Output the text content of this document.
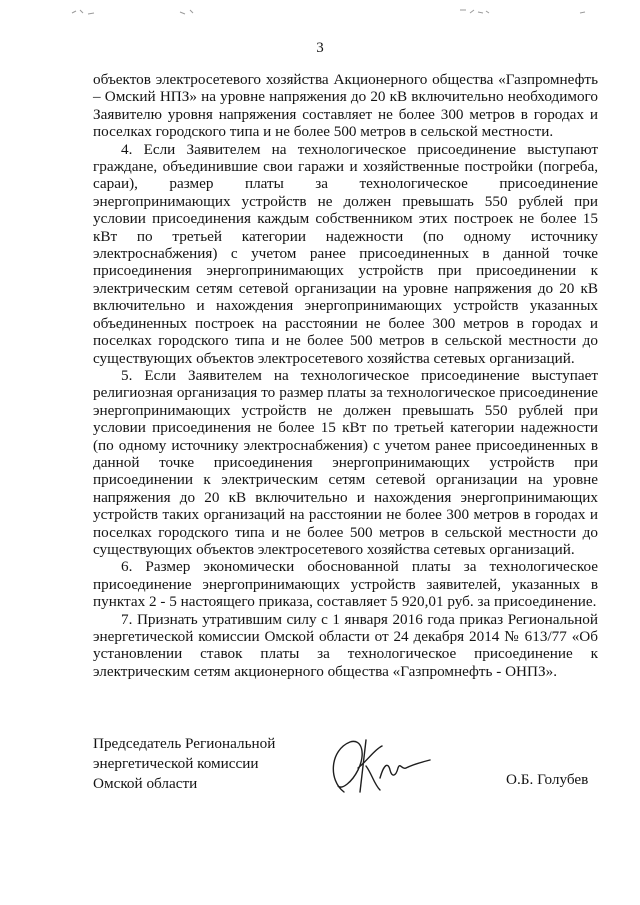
3

объектов электросетевого хозяйства Акционерного общества «Газпромнефть – Омский НПЗ» на уровне напряжения до 20 кВ включительно необходимого Заявителю уровня напряжения составляет не более 300 метров в городах и поселках городского типа и не более 500 метров в сельской местности.

4. Если Заявителем на технологическое присоединение выступают граждане, объединившие свои гаражи и хозяйственные постройки (погреба, сараи), размер платы за технологическое присоединение энергопринимающих устройств не должен превышать 550 рублей при условии присоединения каждым собственником этих построек не более 15 кВт по третьей категории надежности (по одному источнику электроснабжения) с учетом ранее присоединенных в данной точке присоединения энергопринимающих устройств при присоединении к электрическим сетям сетевой организации на уровне напряжения до 20 кВ включительно и нахождения энергопринимающих устройств указанных объединенных построек на расстоянии не более 300 метров в городах и поселках городского типа и не более 500 метров в сельской местности до существующих объектов электросетевого хозяйства сетевых организаций.

5. Если Заявителем на технологическое присоединение выступает религиозная организация то размер платы за технологическое присоединение энергопринимающих устройств не должен превышать 550 рублей при условии присоединения не более 15 кВт по третьей категории надежности (по одному источнику электроснабжения) с учетом ранее присоединенных в данной точке присоединения энергопринимающих устройств при присоединении к электрическим сетям сетевой организации на уровне напряжения до 20 кВ включительно и нахождения энергопринимающих устройств таких организаций на расстоянии не более 300 метров в городах и поселках городского типа и не более 500 метров в сельской местности до существующих объектов электросетевого хозяйства сетевых организаций.

6. Размер экономически обоснованной платы за технологическое присоединение энергопринимающих устройств заявителей, указанных в пунктах 2 - 5 настоящего приказа, составляет 5 920,01 руб. за присоединение.

7. Признать утратившим силу с 1 января 2016 года приказ Региональной энергетической комиссии Омской области от 24 декабря 2014 № 613/77 «Об установлении ставок платы за технологическое присоединение к электрическим сетям акционерного общества «Газпромнефть - ОНПЗ».

Председатель Региональной
энергетической комиссии
Омской области	О.Б. Голубев
